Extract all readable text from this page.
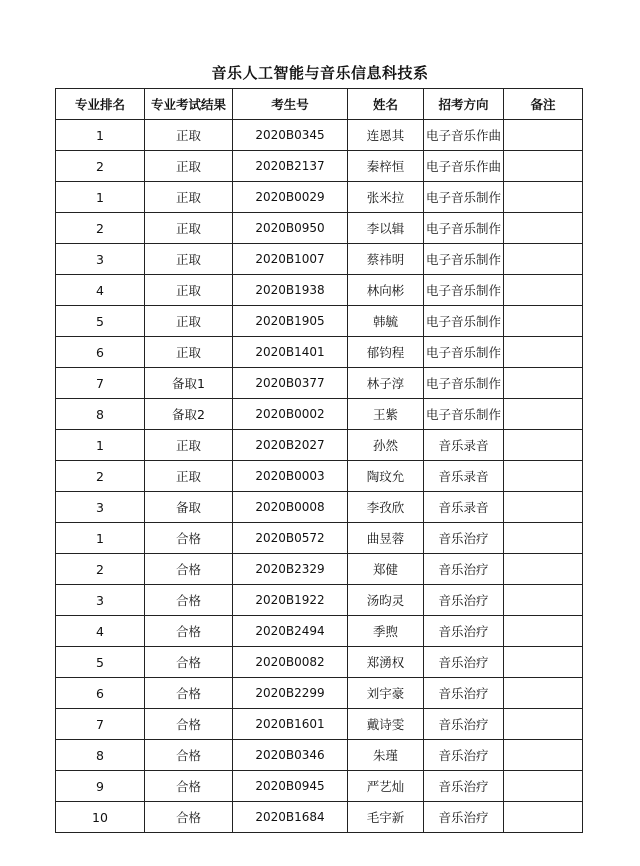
音乐人工智能与音乐信息科技系
专业排名	专业考试结果	考生号	姓名	招考方向	备注
1	正取	2020B0345	连恩其	电子音乐作曲	
2	正取	2020B2137	秦梓恒	电子音乐作曲	
1	正取	2020B0029	张米拉	电子音乐制作	
2	正取	2020B0950	李以辑	电子音乐制作	
3	正取	2020B1007	蔡祎明	电子音乐制作	
4	正取	2020B1938	林向彬	电子音乐制作	
5	正取	2020B1905	韩毓	电子音乐制作	
6	正取	2020B1401	郁钧程	电子音乐制作	
7	备取1	2020B0377	林子淳	电子音乐制作	
8	备取2	2020B0002	王紫	电子音乐制作	
1	正取	2020B2027	孙然	音乐录音	
2	正取	2020B0003	陶玟允	音乐录音	
3	备取	2020B0008	李孜欣	音乐录音	
1	合格	2020B0572	曲昱蓉	音乐治疗	
2	合格	2020B2329	郑健	音乐治疗	
3	合格	2020B1922	汤昀灵	音乐治疗	
4	合格	2020B2494	季煦	音乐治疗	
5	合格	2020B0082	郑湧权	音乐治疗	
6	合格	2020B2299	刘宇豪	音乐治疗	
7	合格	2020B1601	戴诗雯	音乐治疗	
8	合格	2020B0346	朱瑾	音乐治疗	
9	合格	2020B0945	严艺灿	音乐治疗	
10	合格	2020B1684	毛宇新	音乐治疗	
